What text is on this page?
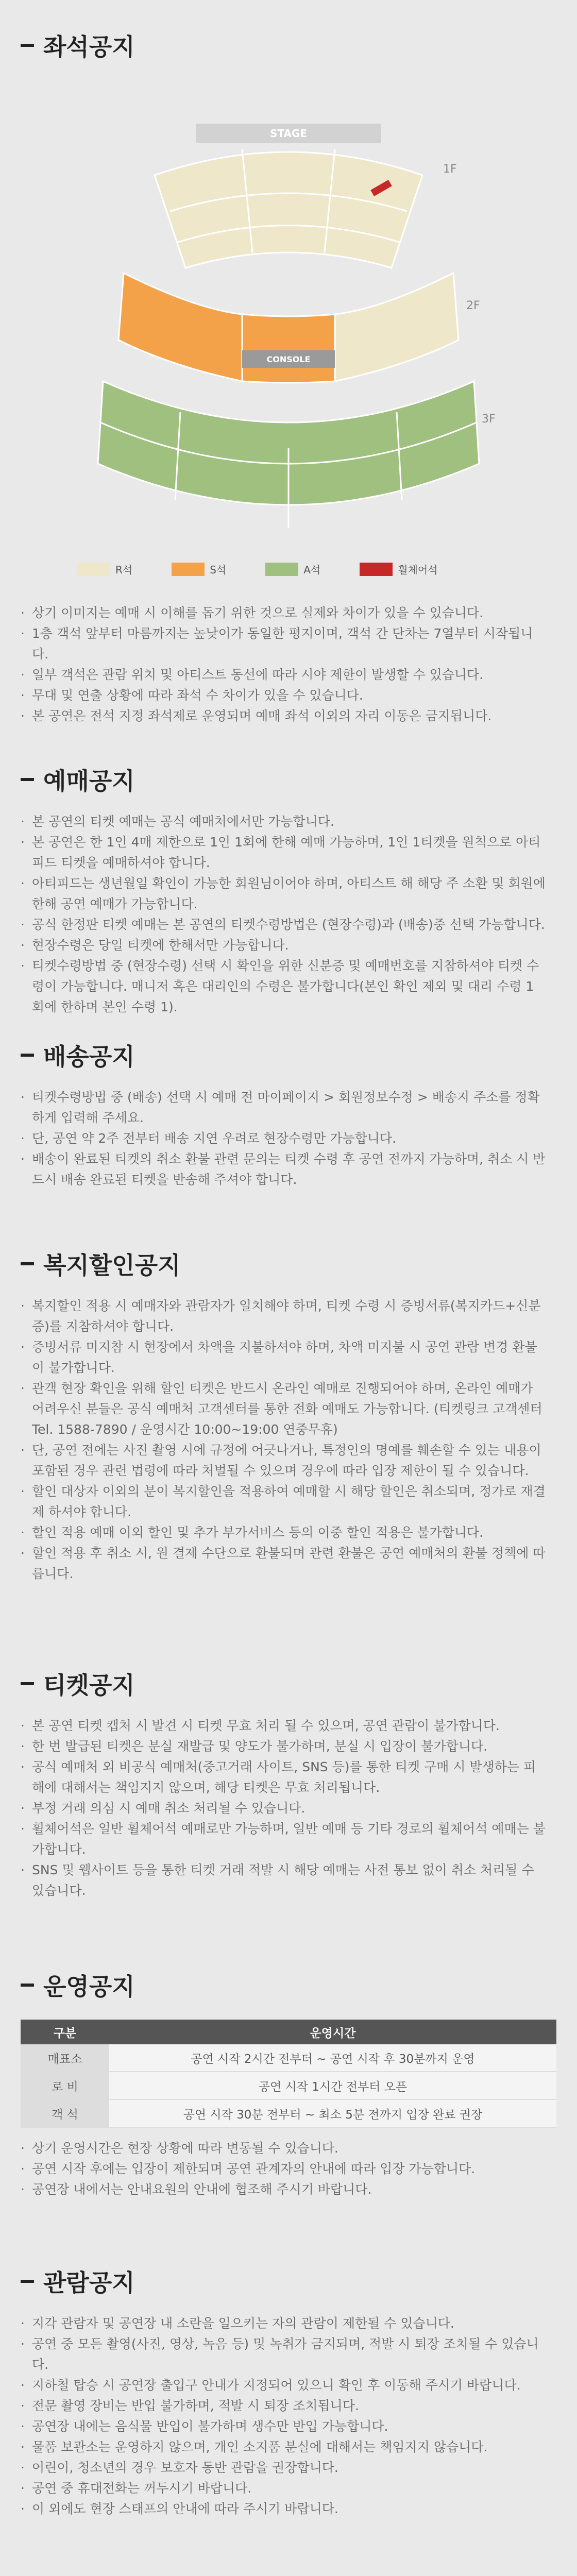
좌석공지
STAGE
1F
CONSOLE
2F
3F
R석	S석	A석	휠체어석
· 상기 이미지는 예매 시 이해를 돕기 위한 것으로 실제와 차이가 있을 수 있습니다.
· 1층 객석 앞부터 마름까지는 높낮이가 동일한 평지이며, 객석 간 단차는 7열부터 시작됩니다.
· 일부 객석은 관람 위치 및 아티스트 동선에 따라 시야 제한이 발생할 수 있습니다.
· 무대 및 연출 상황에 따라 좌석 수 차이가 있을 수 있습니다.
· 본 공연은 전석 지정 좌석제로 운영되며 예매 좌석 이외의 자리 이동은 금지됩니다.
예매공지
· 본 공연의 티켓 예매는 공식 예매처에서만 가능합니다.
· 본 공연은 한 1인 4매 제한으로 1인 1회에 한해 예매 가능하며, 1인 1티켓을 원칙으로 아티피드 티켓을 예매하셔야 합니다.
· 아티피드는 생년월일 확인이 가능한 회원님이어야 하며, 아티스트 해 해당 주 소환 및 회원에 한해 공연 예매가 가능합니다.
· 공식 한정판 티켓 예매는 본 공연의 티켓수령방법은 (현장수령)과 (배송)중 선택 가능합니다.
· 현장수령은 당일 티켓에 한해서만 가능합니다.
· 티켓수령방법 중 (현장수령) 선택 시 확인을 위한 신분증 및 예매번호를 지참하셔야 티켓 수령이 가능합니다. 매니저 혹은 대리인의 수령은 불가합니다(본인 확인 제외 및 대리 수령 1회에 한하며 본인 수령 1).
배송공지
· 티켓수령방법 중 (배송) 선택 시 예매 전 마이페이지 > 회원정보수정 > 배송지 주소를 정확하게 입력해 주세요.
· 단, 공연 약 2주 전부터 배송 지연 우려로 현장수령만 가능합니다.
· 배송이 완료된 티켓의 취소 환불 관련 문의는 티켓 수령 후 공연 전까지 가능하며, 취소 시 반드시 배송 완료된 티켓을 반송해 주셔야 합니다.
복지할인공지
· 복지할인 적용 시 예매자와 관람자가 일치해야 하며, 티켓 수령 시 증빙서류(복지카드+신분증)를 지참하셔야 합니다.
· 증빙서류 미지참 시 현장에서 차액을 지불하셔야 하며, 차액 미지불 시 공연 관람 변경 환불이 불가합니다.
· 관객 현장 확인을 위해 할인 티켓은 반드시 온라인 예매로 진행되어야 하며, 온라인 예매가 어려우신 분들은 공식 예매처 고객센터를 통한 전화 예매도 가능합니다. (티켓링크 고객센터 Tel. 1588-7890 / 운영시간 10:00~19:00 연중무휴)
· 단, 공연 전에는 사진 촬영 시에 규정에 어긋나거나, 특정인의 명예를 훼손할 수 있는 내용이 포함된 경우 관련 법령에 따라 처벌될 수 있으며 경우에 따라 입장 제한이 될 수 있습니다.
· 할인 대상자 이외의 분이 복지할인을 적용하여 예매할 시 해당 할인은 취소되며, 정가로 재결제 하셔야 합니다.
· 할인 적용 예매 이외 할인 및 추가 부가서비스 등의 이중 할인 적용은 불가합니다.
· 할인 적용 후 취소 시, 원 결제 수단으로 환불되며 관련 환불은 공연 예매처의 환불 정책에 따릅니다.
티켓공지
· 본 공연 티켓 캡처 시 발견 시 티켓 무효 처리 될 수 있으며, 공연 관람이 불가합니다.
· 한 번 발급된 티켓은 분실 재발급 및 양도가 불가하며, 분실 시 입장이 불가합니다.
· 공식 예매처 외 비공식 예매처(중고거래 사이트, SNS 등)를 통한 티켓 구매 시 발생하는 피해에 대해서는 책임지지 않으며, 해당 티켓은 무효 처리됩니다.
· 부정 거래 의심 시 예매 취소 처리될 수 있습니다.
· 휠체어석은 일반 휠체어석 예매로만 가능하며, 일반 예매 등 기타 경로의 휠체어석 예매는 불가합니다.
· SNS 및 웹사이트 등을 통한 티켓 거래 적발 시 해당 예매는 사전 통보 없이 취소 처리될 수 있습니다.
운영공지
구분	운영시간
매표소	공연 시작 2시간 전부터 ~ 공연 시작 후 30분까지 운영
로 비	공연 시작 1시간 전부터 오픈
객 석	공연 시작 30분 전부터 ~ 최소 5분 전까지 입장 완료 권장
· 상기 운영시간은 현장 상황에 따라 변동될 수 있습니다.
· 공연 시작 후에는 입장이 제한되며 공연 관계자의 안내에 따라 입장 가능합니다.
· 공연장 내에서는 안내요원의 안내에 협조해 주시기 바랍니다.
관람공지
· 지각 관람자 및 공연장 내 소란을 일으키는 자의 관람이 제한될 수 있습니다.
· 공연 중 모든 촬영(사진, 영상, 녹음 등) 및 녹취가 금지되며, 적발 시 퇴장 조치될 수 있습니다.
· 지하철 탑승 시 공연장 출입구 안내가 지정되어 있으니 확인 후 이동해 주시기 바랍니다.
· 전문 촬영 장비는 반입 불가하며, 적발 시 퇴장 조치됩니다.
· 공연장 내에는 음식물 반입이 불가하며 생수만 반입 가능합니다.
· 물품 보관소는 운영하지 않으며, 개인 소지품 분실에 대해서는 책임지지 않습니다.
· 어린이, 청소년의 경우 보호자 동반 관람을 권장합니다.
· 공연 중 휴대전화는 꺼두시기 바랍니다.
· 이 외에도 현장 스태프의 안내에 따라 주시기 바랍니다.
